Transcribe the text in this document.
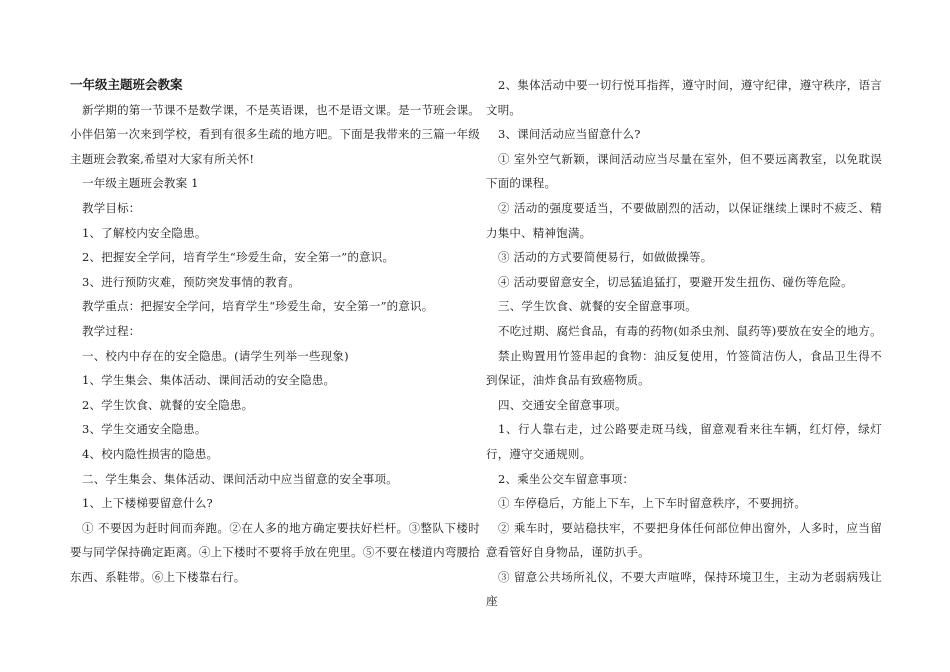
一年级主题班会教案

新学期的第一节课不是数学课，不是英语课，也不是语文课。是一节班会课。小伴侣第一次来到学校，看到有很多生疏的地方吧。下面是我带来的三篇一年级主题班会教案,希望对大家有所关怀!

一年级主题班会教案 1

教学目标：

1、了解校内安全隐患。

2、把握安全学问，培育学生“珍爱生命，安全第一”的意识。

3、进行预防灾难，预防突发事情的教育。

教学重点：把握安全学问，培育学生“珍爱生命，安全第一”的意识。

教学过程：

一、校内中存在的安全隐患。(请学生列举一些现象)

1、学生集会、集体活动、课间活动的安全隐患。

2、学生饮食、就餐的安全隐患。

3、学生交通安全隐患。

4、校内隐性损害的隐患。

二、学生集会、集体活动、课间活动中应当留意的安全事项。

1、上下楼梯要留意什么?

① 不要因为赶时间而奔跑。②在人多的地方确定要扶好栏杆。③整队下楼时要与同学保持确定距离。④上下楼时不要将手放在兜里。⑤不要在楼道内弯腰拾东西、系鞋带。⑥上下楼靠右行。

2、集体活动中要一切行悦耳指挥，遵守时间，遵守纪律，遵守秩序，语言文明。

3、课间活动应当留意什么?

① 室外空气新颖，课间活动应当尽量在室外，但不要远离教室，以免耽误下面的课程。

② 活动的强度要适当，不要做剧烈的活动，以保证继续上课时不疲乏、精力集中、精神饱满。

③ 活动的方式要简便易行，如做做操等。

④ 活动要留意安全，切忌猛追猛打，要避开发生扭伤、碰伤等危险。

三、学生饮食、就餐的安全留意事项。

不吃过期、腐烂食品，有毒的药物(如杀虫剂、鼠药等)要放在安全的地方。

禁止购置用竹签串起的食物：油反复使用，竹签简洁伤人，食品卫生得不到保证，油炸食品有致癌物质。

四、交通安全留意事项。

1、行人靠右走，过公路要走斑马线，留意观看来往车辆，红灯停，绿灯行，遵守交通规则。

2、乘坐公交车留意事项：

① 车停稳后，方能上下车，上下车时留意秩序，不要拥挤。

② 乘车时，要站稳扶牢，不要把身体任何部位伸出窗外，人多时，应当留意看管好自身物品，谨防扒手。

③ 留意公共场所礼仪，不要大声喧哗，保持环境卫生，主动为老弱病残让座
